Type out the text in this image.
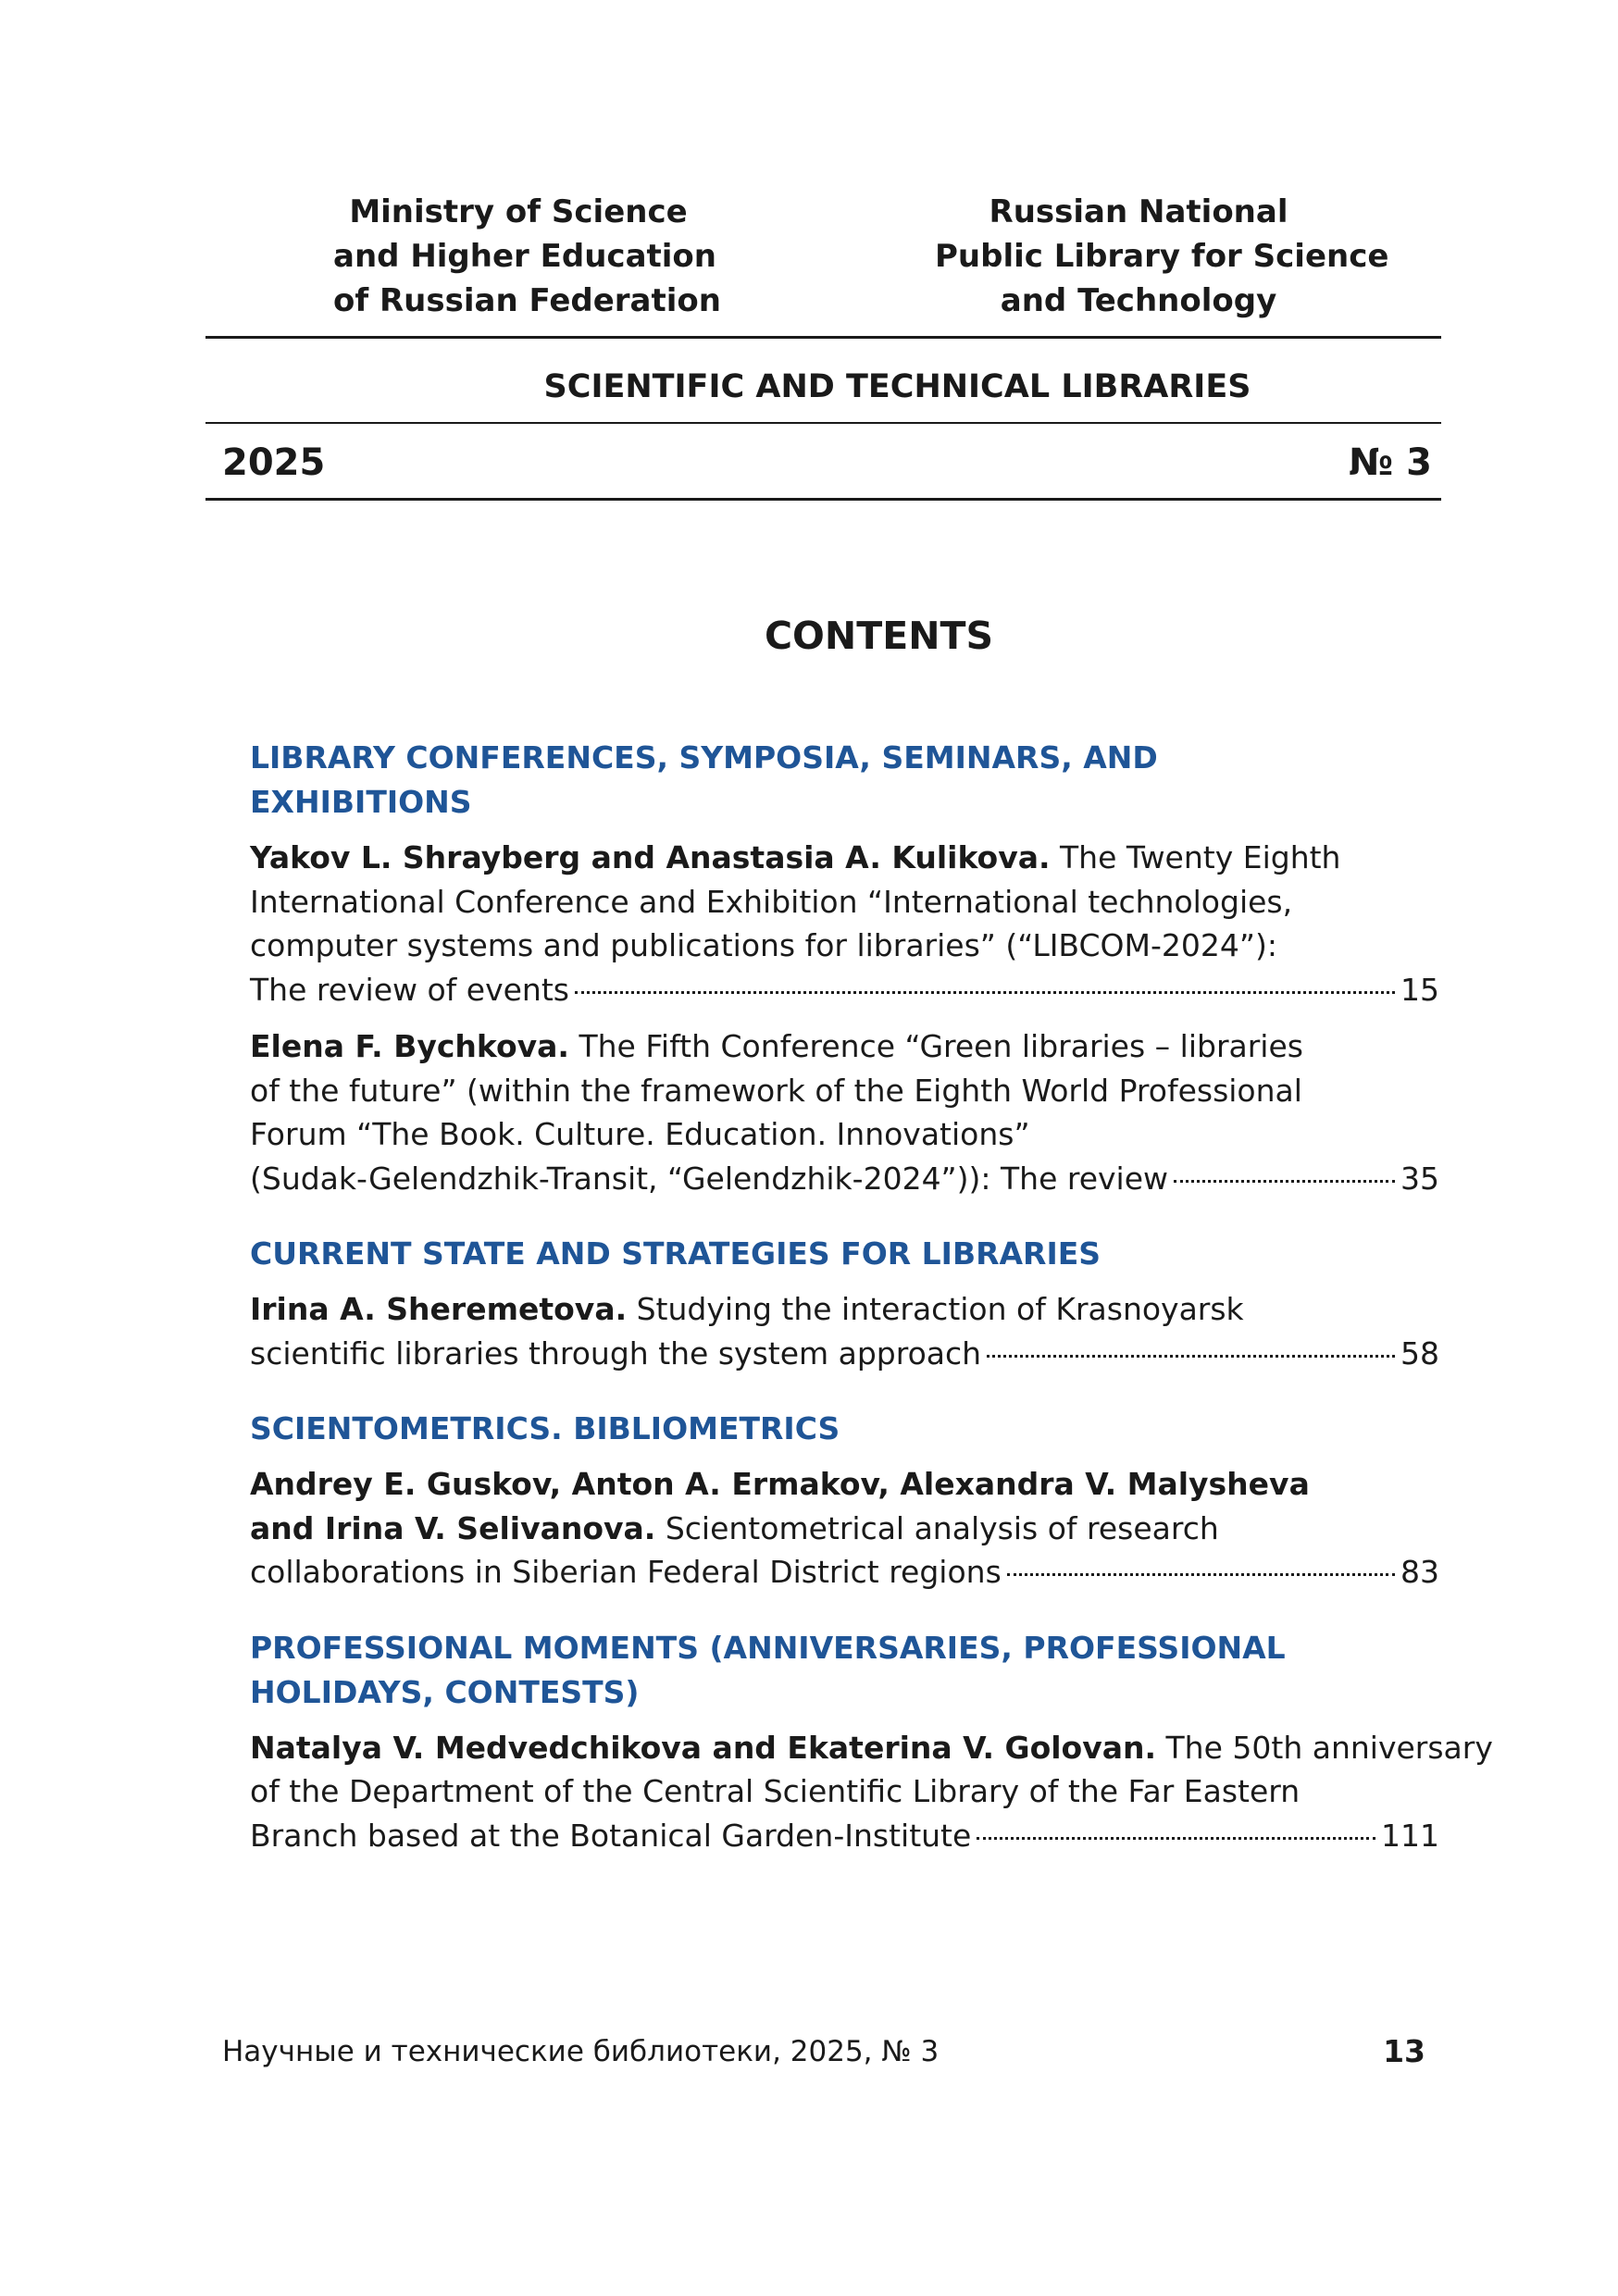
Ministry of Science
and Higher Education
of Russian Federation
Russian National
Public Library for Science
and Technology
SCIENTIFIC AND TECHNICAL LIBRARIES
2025	№ 3
CONTENTS
LIBRARY CONFERENCES, SYMPOSIA, SEMINARS, AND EXHIBITIONS
Yakov L. Shrayberg and Anastasia A. Kulikova. The Twenty Eighth
International Conference and Exhibition “International technologies,
computer systems and publications for libraries” (“LIBCOM-2024”):
The review of events	15
Elena F. Bychkova. The Fifth Conference “Green libraries – libraries
of the future” (within the framework of the Eighth World Professional
Forum “The Book. Culture. Education. Innovations”
(Sudak-Gelendzhik-Transit, “Gelendzhik-2024”)): The review	35
CURRENT STATE AND STRATEGIES FOR LIBRARIES
Irina A. Sheremetova. Studying the interaction of Krasnoyarsk
scientific libraries through the system approach	58
SCIENTOMETRICS. BIBLIOMETRICS
Andrey E. Guskov, Anton A. Ermakov, Alexandra V. Malysheva
and Irina V. Selivanova. Scientometrical analysis of research
collaborations in Siberian Federal District regions	83
PROFESSIONAL MOMENTS (ANNIVERSARIES, PROFESSIONAL
HOLIDAYS, CONTESTS)
Natalya V. Medvedchikova and Ekaterina V. Golovan. The 50th anniversary
of the Department of the Central Scientific Library of the Far Eastern
Branch based at the Botanical Garden-Institute	111
Научные и технические библиотеки, 2025, № 3	13
